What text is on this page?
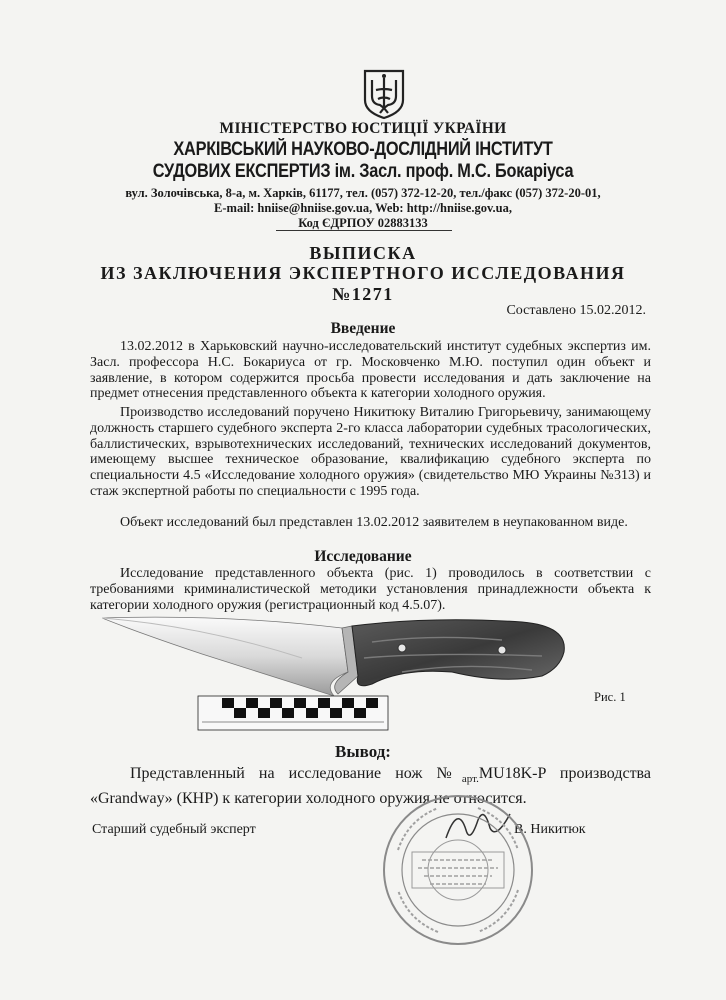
МІНІСТЕРСТВО ЮСТИЦІЇ УКРАЇНИ
ХАРКІВСЬКИЙ НАУКОВО-ДОСЛІДНИЙ ІНСТИТУТ
СУДОВИХ ЕКСПЕРТИЗ ім. Засл. проф. М.С. Бокаріуса
вул. Золочівська, 8-а, м. Харків, 61177, тел. (057) 372-12-20, тел./факс (057) 372-20-01,
E-mail: hniise@hniise.gov.ua, Web: http://hniise.gov.ua,
Код ЄДРПОУ 02883133
ВЫПИСКА
ИЗ ЗАКЛЮЧЕНИЯ ЭКСПЕРТНОГО ИССЛЕДОВАНИЯ
№1271
Составлено 15.02.2012.
Введение
13.02.2012 в Харьковский научно-исследовательский институт судебных экспертиз им. Засл. профессора Н.С. Бокариуса от гр. Московченко М.Ю. поступил один объект и заявление, в котором содержится просьба провести исследования и дать заключение на предмет отнесения представленного объекта к категории холодного оружия.
Производство исследований поручено Никитюку Виталию Григорьевичу, занимающему должность старшего судебного эксперта 2-го класса лаборатории судебных трасологических, баллистических, взрывотехнических исследований, технических исследований документов, имеющему высшее техническое образование, квалификацию судебного эксперта по специальности 4.5 «Исследование холодного оружия» (свидетельство МЮ Украины №313) и стаж экспертной работы по специальности с 1995 года.
Объект исследований был представлен 13.02.2012 заявителем в неупакованном виде.
Исследование
Исследование представленного объекта (рис. 1) проводилось в соответствии с требованиями криминалистической методики установления принадлежности объекта к категории холодного оружия (регистрационный код 4.5.07).
Рис. 1
Вывод:
Представленный на исследование нож $№_{арт.}MU18K-P$ производства «Grandway» (КНР) к категории холодного оружия не относится.
Старший судебный эксперт	В. Никитюк
